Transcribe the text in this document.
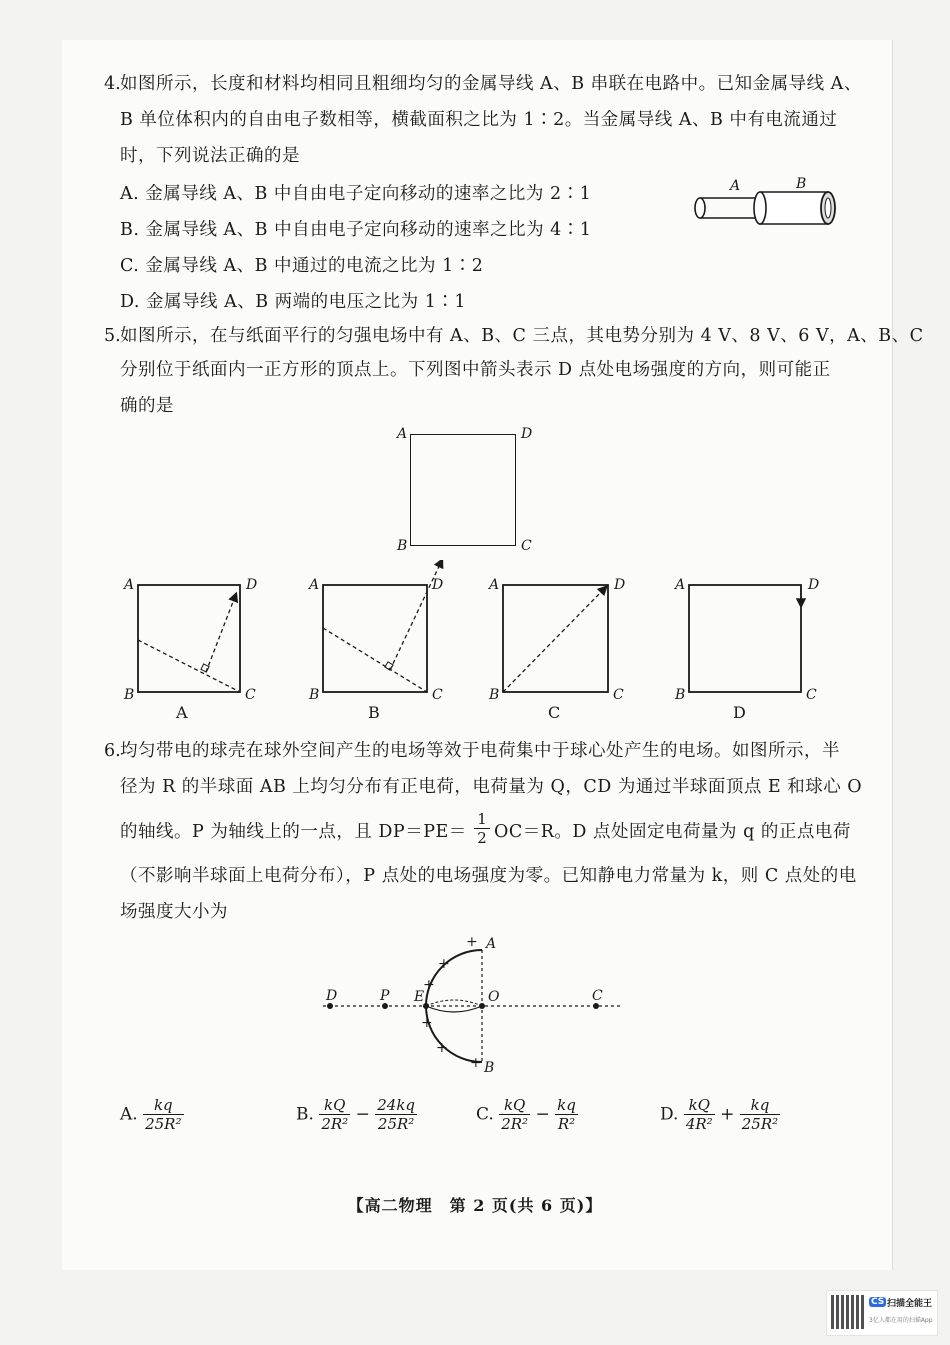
4. 如图所示，长度和材料均相同且粗细均匀的金属导线 A、B 串联在电路中。已知金属导线 A、
B 单位体积内的自由电子数相等，横截面积之比为 1∶2。当金属导线 A、B 中有电流通过
时，下列说法正确的是
A. 金属导线 A、B 中自由电子定向移动的速率之比为 2∶1
B. 金属导线 A、B 中自由电子定向移动的速率之比为 4∶1
C. 金属导线 A、B 中通过的电流之比为 1∶2
D. 金属导线 A、B 两端的电压之比为 1∶1
A	B
5. 如图所示，在与纸面平行的匀强电场中有 A、B、C 三点，其电势分别为 4 V、8 V、6 V，A、B、C
分别位于纸面内一正方形的顶点上。下列图中箭头表示 D 点处电场强度的方向，则可能正
确的是
A	D
B	C
A	D
B	C
A	D
B	C
A	D
B	C
A	D
B	C
A	B	C	D
6. 均匀带电的球壳在球外空间产生的电场等效于电荷集中于球心处产生的电场。如图所示，半
径为 R 的半球面 AB 上均匀分布有正电荷，电荷量为 Q，CD 为通过半球面顶点 E 和球心 O
的轴线。P 为轴线上的一点，且 $DP=PE= \frac{1}{2} OC=R$。D 点处固定电荷量为 q 的正点电荷
（不影响半球面上电荷分布），P 点处的电场强度为零。已知静电力常量为 k，则 C 点处的电
场强度大小为
D	P E	O	C
A
B
+
+
+
+
+
+
A. $\frac{kq}{\text{25R²}}$	B. $\frac{kQ}{\text{2R²}} - \frac{24kq}{\text{25R²}}$	C. $\frac{kQ}{\text{2R²}} - \frac{kq}{\text{R²}}$	D. $\frac{kQ}{\text{4R²}} + \frac{kq}{\text{25R²}}$
【高二物理　第 2 页(共 6 页)】
CS 扫描全能王
3亿人都在用的扫描App
